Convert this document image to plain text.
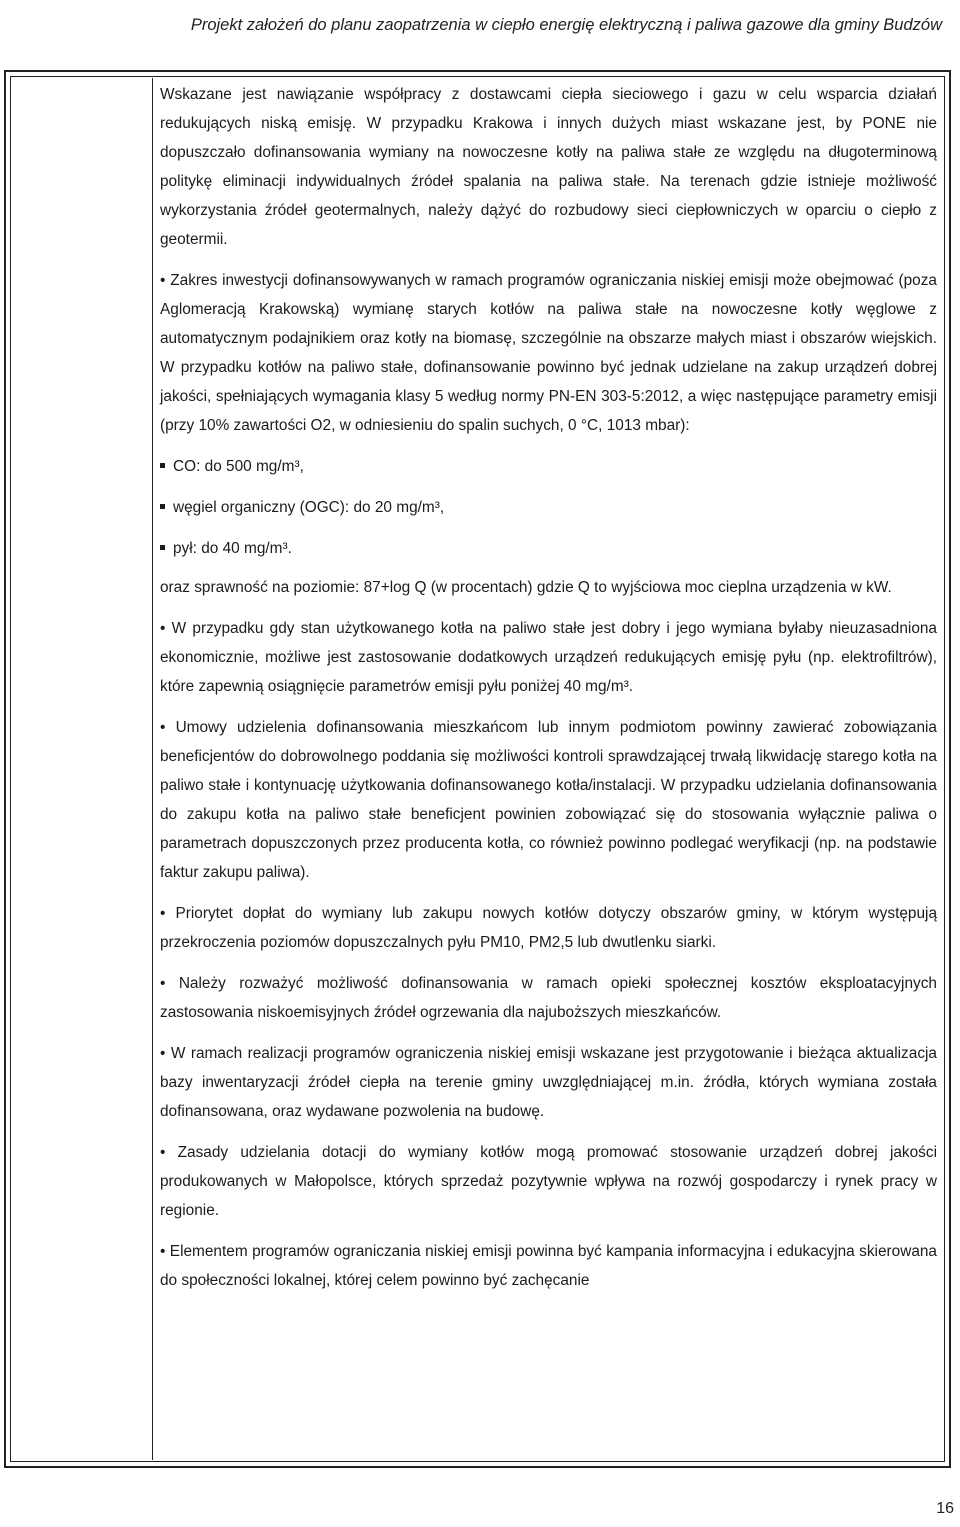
Projekt założeń do planu zaopatrzenia w ciepło energię elektryczną i paliwa gazowe dla gminy Budzów

Wskazane jest nawiązanie współpracy z dostawcami ciepła sieciowego i gazu w celu wsparcia działań redukujących niską emisję. W przypadku Krakowa i innych dużych miast wskazane jest, by PONE nie dopuszczało dofinansowania wymiany na nowoczesne kotły na paliwa stałe ze względu na długoterminową politykę eliminacji indywidualnych źródeł spalania na paliwa stałe. Na terenach gdzie istnieje możliwość wykorzystania źródeł geotermalnych, należy dążyć do rozbudowy sieci ciepłowniczych w oparciu o ciepło z geotermii.

• Zakres inwestycji dofinansowywanych w ramach programów ograniczania niskiej emisji może obejmować (poza Aglomeracją Krakowską) wymianę starych kotłów na paliwa stałe na nowoczesne kotły węglowe z automatycznym podajnikiem oraz kotły na biomasę, szczególnie na obszarze małych miast i obszarów wiejskich. W przypadku kotłów na paliwo stałe, dofinansowanie powinno być jednak udzielane na zakup urządzeń dobrej jakości, spełniających wymagania klasy 5 według normy PN-EN 303-5:2012, a więc następujące parametry emisji (przy 10% zawartości O2, w odniesieniu do spalin suchych, 0 °C, 1013 mbar):

CO: do 500 mg/m³,

węgiel organiczny (OGC): do 20 mg/m³,

pył: do 40 mg/m³.

oraz sprawność na poziomie: 87+log Q (w procentach) gdzie Q to wyjściowa moc cieplna urządzenia w kW.

• W przypadku gdy stan użytkowanego kotła na paliwo stałe jest dobry i jego wymiana byłaby nieuzasadniona ekonomicznie, możliwe jest zastosowanie dodatkowych urządzeń redukujących emisję pyłu (np. elektrofiltrów), które zapewnią osiągnięcie parametrów emisji pyłu poniżej 40 mg/m³.

• Umowy udzielenia dofinansowania mieszkańcom lub innym podmiotom powinny zawierać zobowiązania beneficjentów do dobrowolnego poddania się możliwości kontroli sprawdzającej trwałą likwidację starego kotła na paliwo stałe i kontynuację użytkowania dofinansowanego kotła/instalacji. W przypadku udzielania dofinansowania do zakupu kotła na paliwo stałe beneficjent powinien zobowiązać się do stosowania wyłącznie paliwa o parametrach dopuszczonych przez producenta kotła, co również powinno podlegać weryfikacji (np. na podstawie faktur zakupu paliwa).

• Priorytet dopłat do wymiany lub zakupu nowych kotłów dotyczy obszarów gminy, w którym występują przekroczenia poziomów dopuszczalnych pyłu PM10, PM2,5 lub dwutlenku siarki.

• Należy rozważyć możliwość dofinansowania w ramach opieki społecznej kosztów eksploatacyjnych zastosowania niskoemisyjnych źródeł ogrzewania dla najuboższych mieszkańców.

• W ramach realizacji programów ograniczenia niskiej emisji wskazane jest przygotowanie i bieżąca aktualizacja bazy inwentaryzacji źródeł ciepła na terenie gminy uwzględniającej m.in. źródła, których wymiana została dofinansowana, oraz wydawane pozwolenia na budowę.

• Zasady udzielania dotacji do wymiany kotłów mogą promować stosowanie urządzeń dobrej jakości produkowanych w Małopolsce, których sprzedaż pozytywnie wpływa na rozwój gospodarczy i rynek pracy w regionie.

• Elementem programów ograniczania niskiej emisji powinna być kampania informacyjna i edukacyjna skierowana do społeczności lokalnej, której celem powinno być zachęcanie

16
